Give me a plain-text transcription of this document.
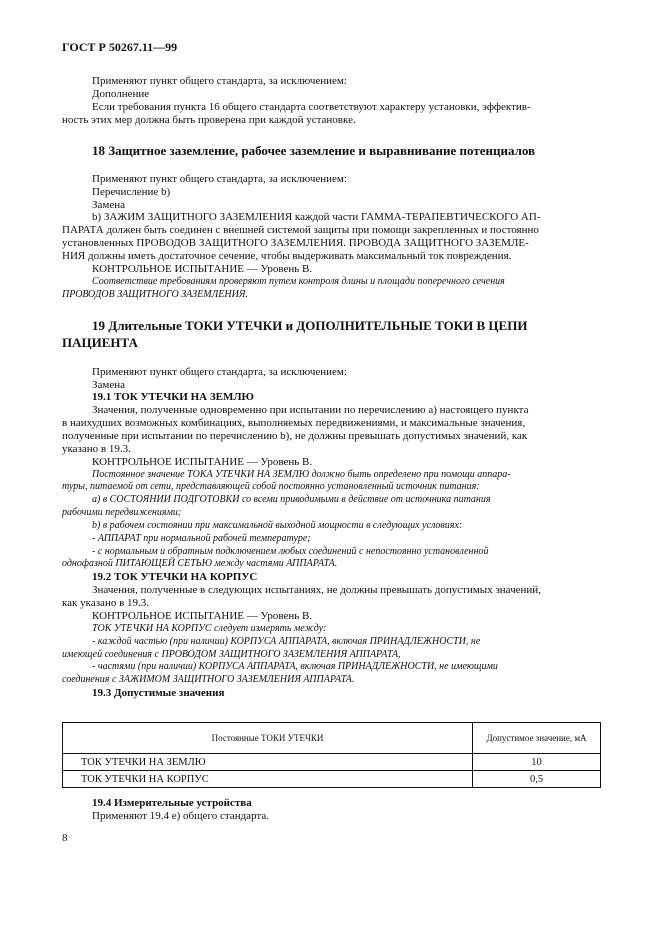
ГОСТ Р 50267.11—99
Применяют пункт общего стандарта, за исключением:
Дополнение
Если требования пункта 16 общего стандарта соответствуют характеру установки, эффектив-
ность этих мер должна быть проверена при каждой установке.
18 Защитное заземление, рабочее заземление и выравнивание потенциалов
Применяют пункт общего стандарта, за исключением:
Перечисление b)
Замена
b) ЗАЖИМ ЗАЩИТНОГО ЗАЗЕМЛЕНИЯ каждой части ГАММА-ТЕРАПЕВТИЧЕСКОГО АП-
ПАРАТА должен быть соединен с внешней системой защиты при помощи закрепленных и постоянно
установленных ПРОВОДОВ ЗАЩИТНОГО ЗАЗЕМЛЕНИЯ. ПРОВОДА ЗАЩИТНОГО ЗАЗЕМЛЕ-
НИЯ должны иметь достаточное сечение, чтобы выдерживать максимальный ток повреждения.
КОНТРОЛЬНОЕ ИСПЫТАНИЕ — Уровень В.
Соответствие требованиям проверяют путем контроля длины и площади поперечного сечения
ПРОВОДОВ ЗАЩИТНОГО ЗАЗЕМЛЕНИЯ.
19 Длительные ТОКИ УТЕЧКИ и ДОПОЛНИТЕЛЬНЫЕ ТОКИ В ЦЕПИ
ПАЦИЕНТА
Применяют пункт общего стандарта, за исключением:
Замена
19.1 ТОК УТЕЧКИ НА ЗЕМЛЮ
Значения, полученные одновременно при испытании по перечислению a) настоящего пункта
в наихудших возможных комбинациях, выполняемых передвижениями, и максимальные значения,
полученные при испытании по перечислению b), не должны превышать допустимых значений, как
указано в 19.3.
КОНТРОЛЬНОЕ ИСПЫТАНИЕ — Уровень В.
Постоянное значение ТОКА УТЕЧКИ НА ЗЕМЛЮ должно быть определено при помощи аппара-
туры, питаемой от сети, представляющей собой постоянно установленный источник питания:
a) в СОСТОЯНИИ ПОДГОТОВКИ со всеми приводимыми в действие от источника питания
рабочими передвижениями;
b) в рабочем состоянии при максимальной выходной мощности в следующих условиях:
- АППАРАТ при нормальной рабочей температуре;
- с нормальным и обратным подключением любых соединений с непостоянно установленной
однофазной ПИТАЮЩЕЙ СЕТЬЮ между частями АППАРАТА.
19.2 ТОК УТЕЧКИ НА КОРПУС
Значения, полученные в следующих испытаниях, не должны превышать допустимых значений,
как указано в 19.3.
КОНТРОЛЬНОЕ ИСПЫТАНИЕ — Уровень В.
ТОК УТЕЧКИ НА КОРПУС следует измерять между:
- каждой частью (при наличии) КОРПУСА АППАРАТА, включая ПРИНАДЛЕЖНОСТИ, не
имеющей соединения с ПРОВОДОМ ЗАЩИТНОГО ЗАЗЕМЛЕНИЯ АППАРАТА,
- частями (при наличии) КОРПУСА АППАРАТА, включая ПРИНАДЛЕЖНОСТИ, не имеющими
соединения с ЗАЖИМОМ ЗАЩИТНОГО ЗАЗЕМЛЕНИЯ АППАРАТА.
19.3 Допустимые значения
Постоянные ТОКИ УТЕЧКИ	Допустимое значение, мА
ТОК УТЕЧКИ НА ЗЕМЛЮ	10
ТОК УТЕЧКИ НА КОРПУС	0,5
19.4 Измерительные устройства
Применяют 19.4 e) общего стандарта.
8
